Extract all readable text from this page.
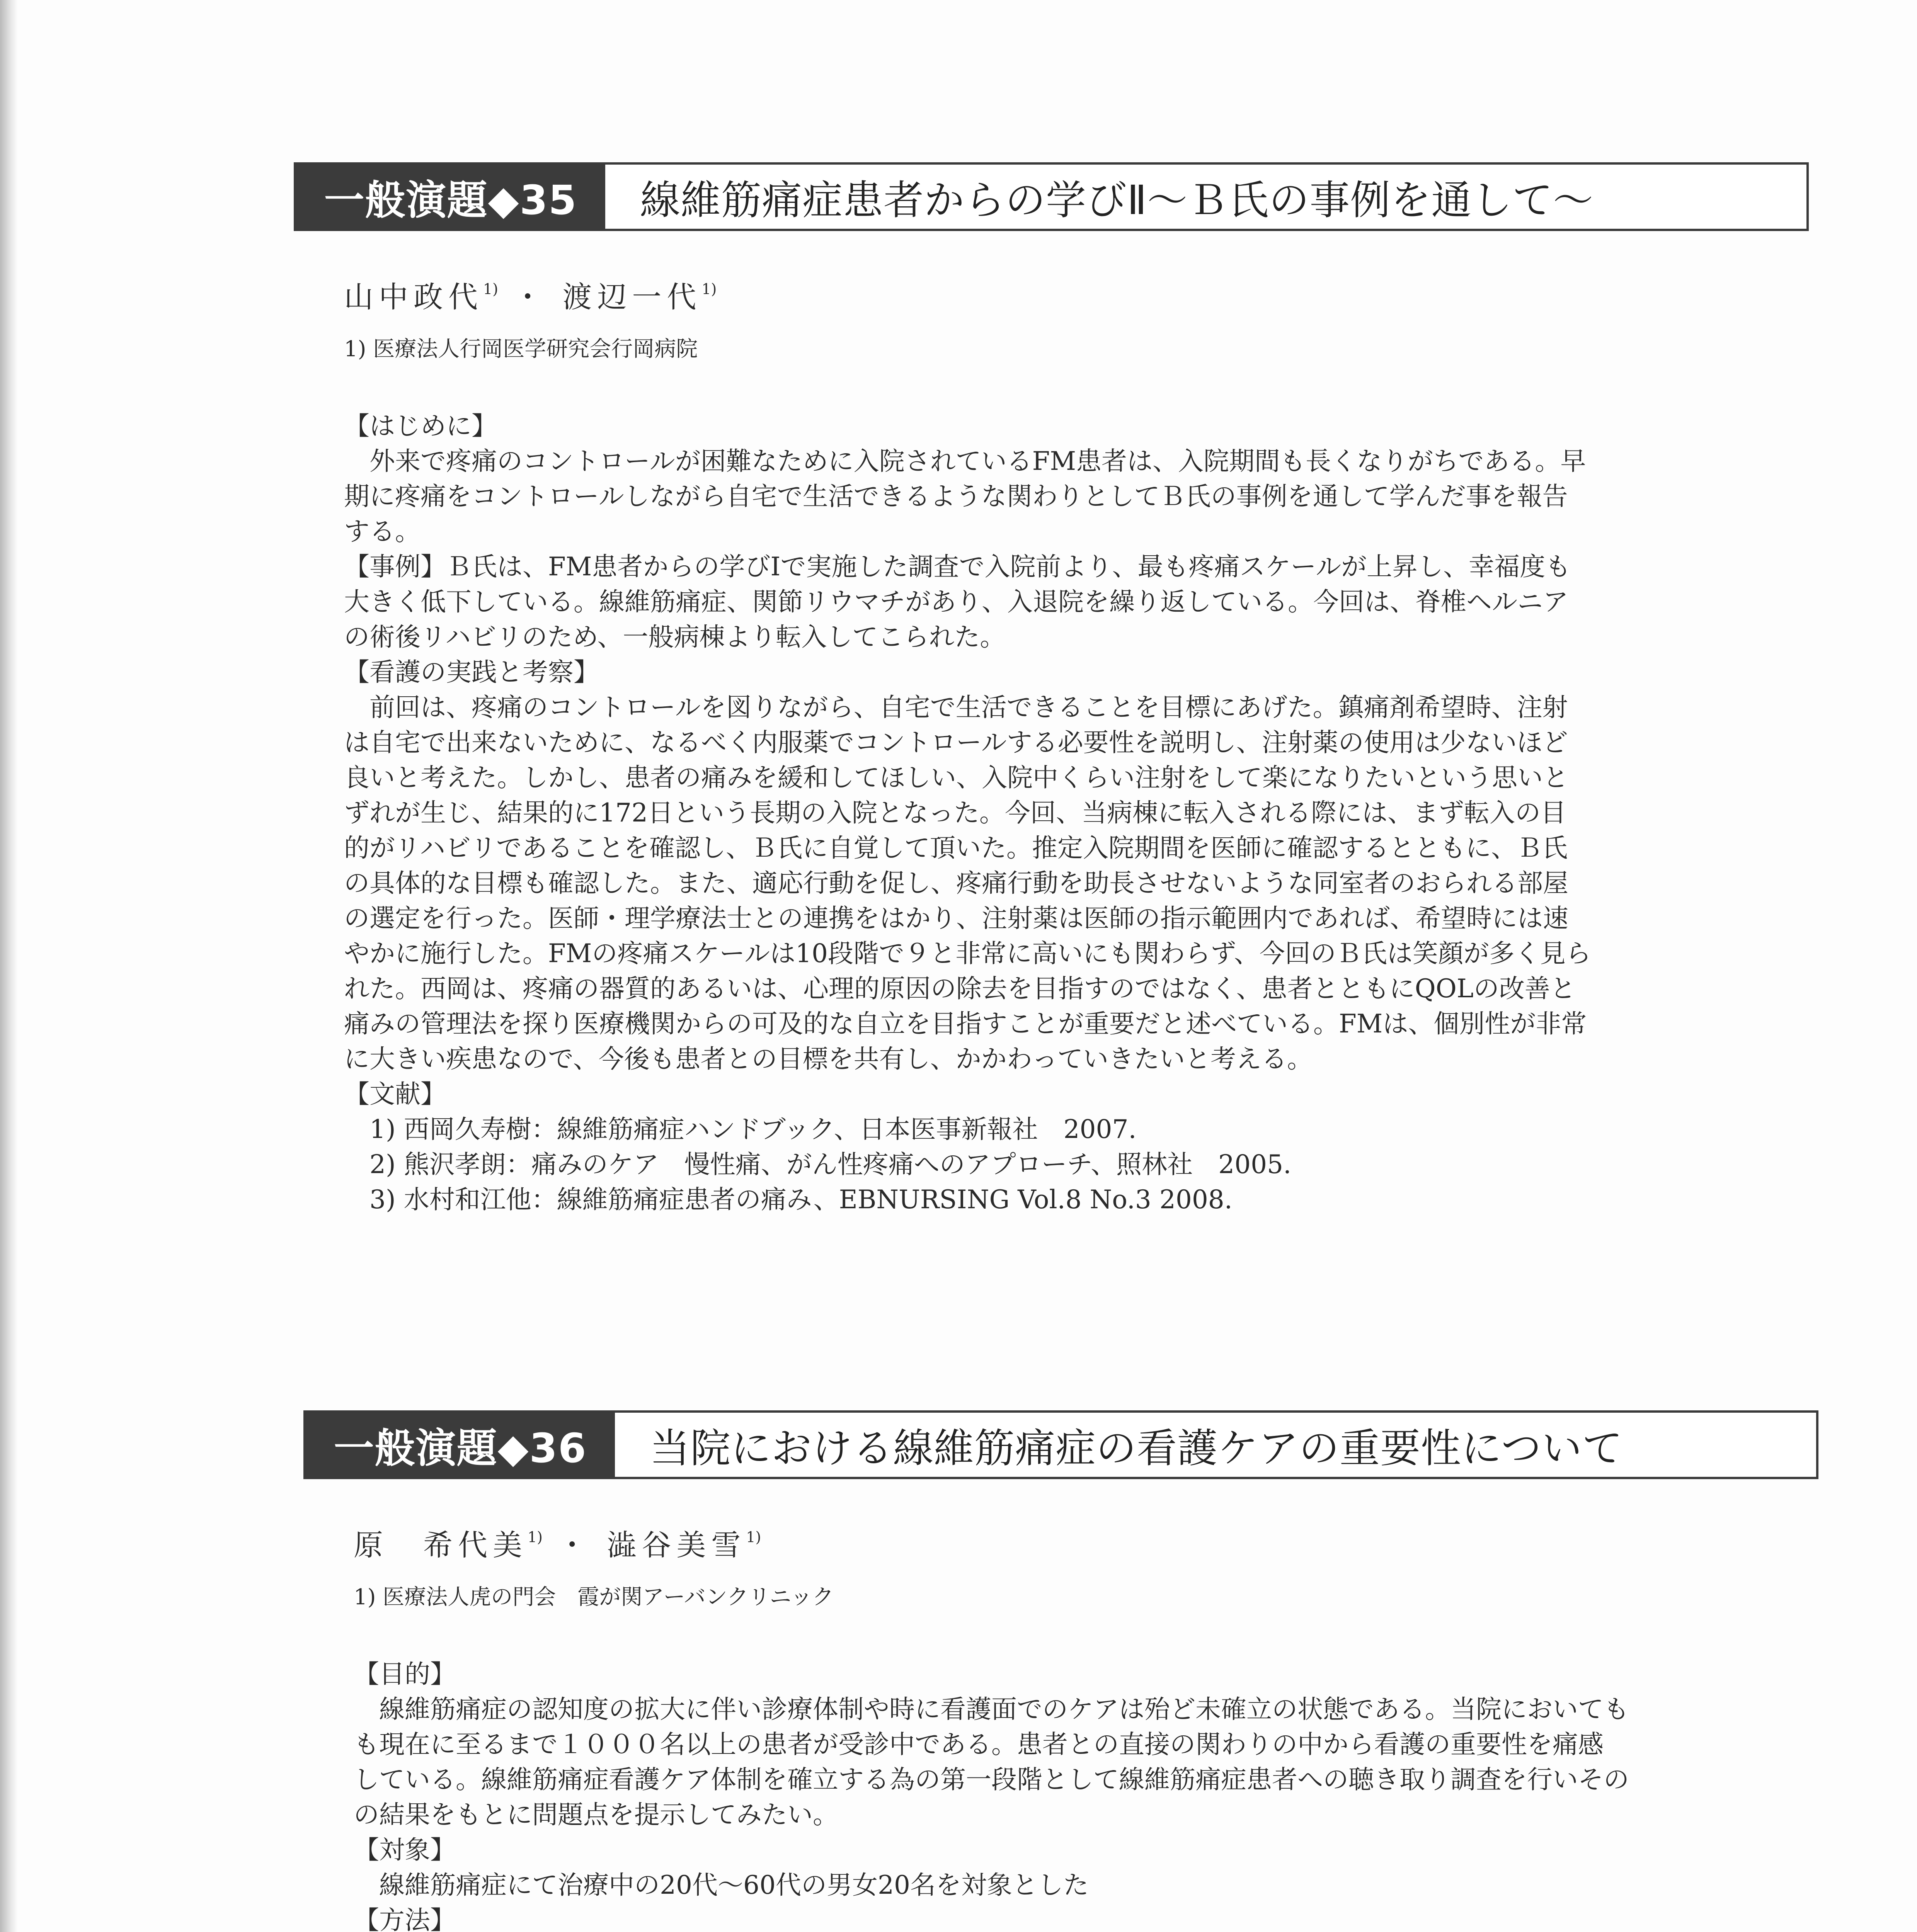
一般演題◆35	線維筋痛症患者からの学びⅡ～Ｂ氏の事例を通して～
山中政代$^{1)}$ ・ 渡辺一代$^{1)}$
1) 医療法人行岡医学研究会行岡病院
【はじめに】
外来で疼痛のコントロールが困難なために入院されているFM患者は、入院期間も長くなりがちである。早
期に疼痛をコントロールしながら自宅で生活できるような関わりとしてＢ氏の事例を通して学んだ事を報告
する。
【事例】Ｂ氏は、FM患者からの学びⅠで実施した調査で入院前より、最も疼痛スケールが上昇し、幸福度も
大きく低下している。線維筋痛症、関節リウマチがあり、入退院を繰り返している。今回は、脊椎ヘルニア
の術後リハビリのため、一般病棟より転入してこられた。
【看護の実践と考察】
前回は、疼痛のコントロールを図りながら、自宅で生活できることを目標にあげた。鎮痛剤希望時、注射
は自宅で出来ないために、なるべく内服薬でコントロールする必要性を説明し、注射薬の使用は少ないほど
良いと考えた。しかし、患者の痛みを緩和してほしい、入院中くらい注射をして楽になりたいという思いと
ずれが生じ、結果的に172日という長期の入院となった。今回、当病棟に転入される際には、まず転入の目
的がリハビリであることを確認し、Ｂ氏に自覚して頂いた。推定入院期間を医師に確認するとともに、Ｂ氏
の具体的な目標も確認した。また、適応行動を促し、疼痛行動を助長させないような同室者のおられる部屋
の選定を行った。医師・理学療法士との連携をはかり、注射薬は医師の指示範囲内であれば、希望時には速
やかに施行した。FMの疼痛スケールは10段階で９と非常に高いにも関わらず、今回のＢ氏は笑顔が多く見ら
れた。西岡は、疼痛の器質的あるいは、心理的原因の除去を目指すのではなく、患者とともにQOLの改善と
痛みの管理法を探り医療機関からの可及的な自立を目指すことが重要だと述べている。FMは、個別性が非常
に大きい疾患なので、今後も患者との目標を共有し、かかわっていきたいと考える。
【文献】
1) 西岡久寿樹：線維筋痛症ハンドブック、日本医事新報社　2007.
2) 熊沢孝朗：痛みのケア　慢性痛、がん性疼痛へのアプローチ、照林社　2005.
3) 水村和江他：線維筋痛症患者の痛み、EBNURSING Vol.8 No.3 2008.
一般演題◆36	当院における線維筋痛症の看護ケアの重要性について
原　希代美$^{1)}$ ・ 澁谷美雪$^{1)}$
1) 医療法人虎の門会　霞が関アーバンクリニック
【目的】
線維筋痛症の認知度の拡大に伴い診療体制や時に看護面でのケアは殆ど未確立の状態である。当院においても
も現在に至るまで１０００名以上の患者が受診中である。患者との直接の関わりの中から看護の重要性を痛感
している。線維筋痛症看護ケア体制を確立する為の第一段階として線維筋痛症患者への聴き取り調査を行いその
の結果をもとに問題点を提示してみたい。
【対象】
線維筋痛症にて治療中の20代～60代の男女20名を対象とした
【方法】
